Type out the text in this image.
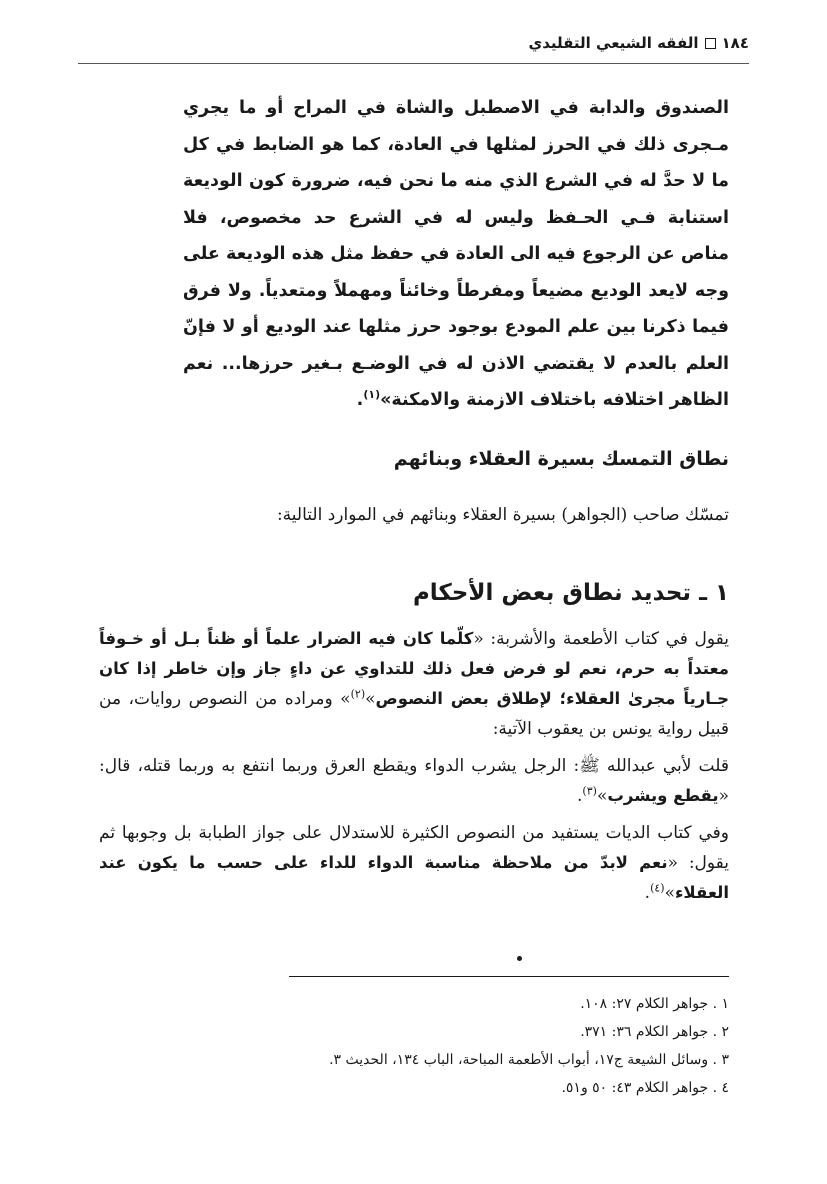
١٨٤الفقه الشيعي التقليدي
الصندوق والدابة في الاصطبل والشاة في المراح أو ما يجري مـجرى ذلك في الحرز لمثلها في العادة، كما هو الضابط في كل ما لا حدَّ له في الشرع الذي منه ما نحن فيه، ضرورة كون الوديعة استنابة فـي الحـفظ وليس له في الشرع حد مخصوص، فلا مناص عن الرجوع فيه الى العادة في حفظ مثل هذه الوديعة على وجه لايعد الوديع مضيعاً ومفرطاً وخائناً ومهملاً ومتعدياً. ولا فرق فيما ذكرنا بين علم المودع بوجود حرز مثلها عند الوديع أو لا فإنّ العلم بالعدم لا يقتضي الاذن له في الوضـع بـغير حرزها... نعم الظاهر اختلافه باختلاف الازمنة والامكنة»$^{(١)}$.
نطاق التمسك بسيرة العقلاء وبنائهم
تمسّك صاحب (الجواهر) بسيرة العقلاء وبنائهم في الموارد التالية:
١ ـ تحديد نطاق بعض الأحكام

يقول في كتاب الأطعمة والأشربة: «كلّما كان فيه الضرار علماً أو ظناً بـل أو خـوفاً معتداً به حرم، نعم لو فرض فعل ذلك للتداوي عن داءٍ جاز وإن خاطر إذا كان جـارياً مجرىٰ العقلاء؛ لإطلاق بعض النصوص»$^{(٢)}$» ومراده من النصوص روايات، من قبيل رواية يونس بن يعقوب الآتية:

قلت لأبي عبدالله ﷺ: الرجل يشرب الدواء ويقطع العرق وربما انتفع به وربما قتله، قال: «يقطع ويشرب»$^{(٣)}$.

وفي كتاب الديات يستفيد من النصوص الكثيرة للاستدلال على جواز الطبابة بل وجوبها ثم يقول: «نعم لابدّ من ملاحظة مناسبة الدواء للداء على حسب ما يكون عند العقلاء»$^{(٤)}$.

١ . جواهر الكلام ٢٧: ١٠٨.
٢ . جواهر الكلام ٣٦: ٣٧١.
٣ . وسائل الشيعة ج١٧، أبواب الأطعمة المباحة، الباب ١٣٤، الحديث ٣.
٤ . جواهر الكلام ٤٣: ٥٠ و٥١.
